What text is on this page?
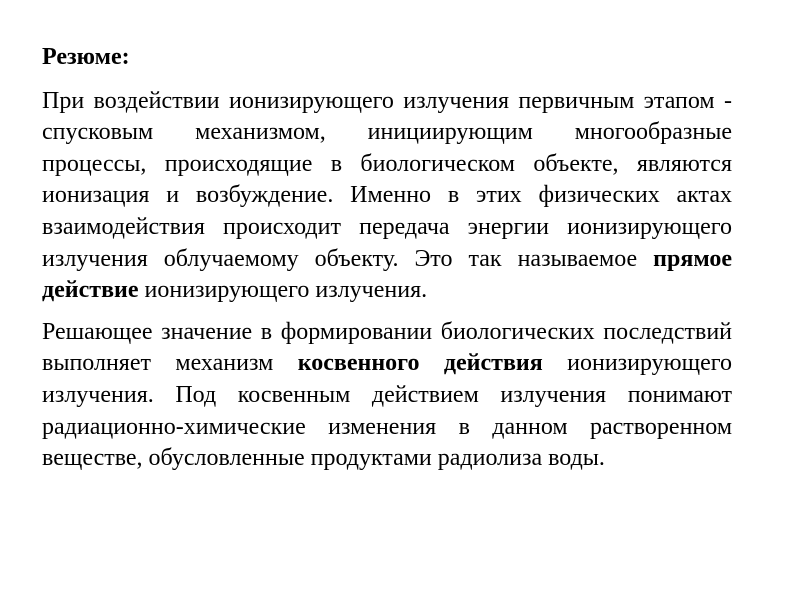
Резюме:

При воздействии ионизирующего излучения первичным этапом - спусковым механизмом, инициирующим многообразные процессы, происходящие в биологическом объекте, являются ионизация и возбуждение. Именно в этих физических актах взаимодействия происходит передача энергии ионизирующего излучения облучаемому объекту. Это так называемое прямое действие ионизирующего излучения.

Решающее значение в формировании биологических последствий выполняет механизм косвенного действия ионизирующего излучения. Под косвенным действием излучения понимают радиационно-химические изменения в данном растворенном веществе, обусловленные продуктами радиолиза воды.
